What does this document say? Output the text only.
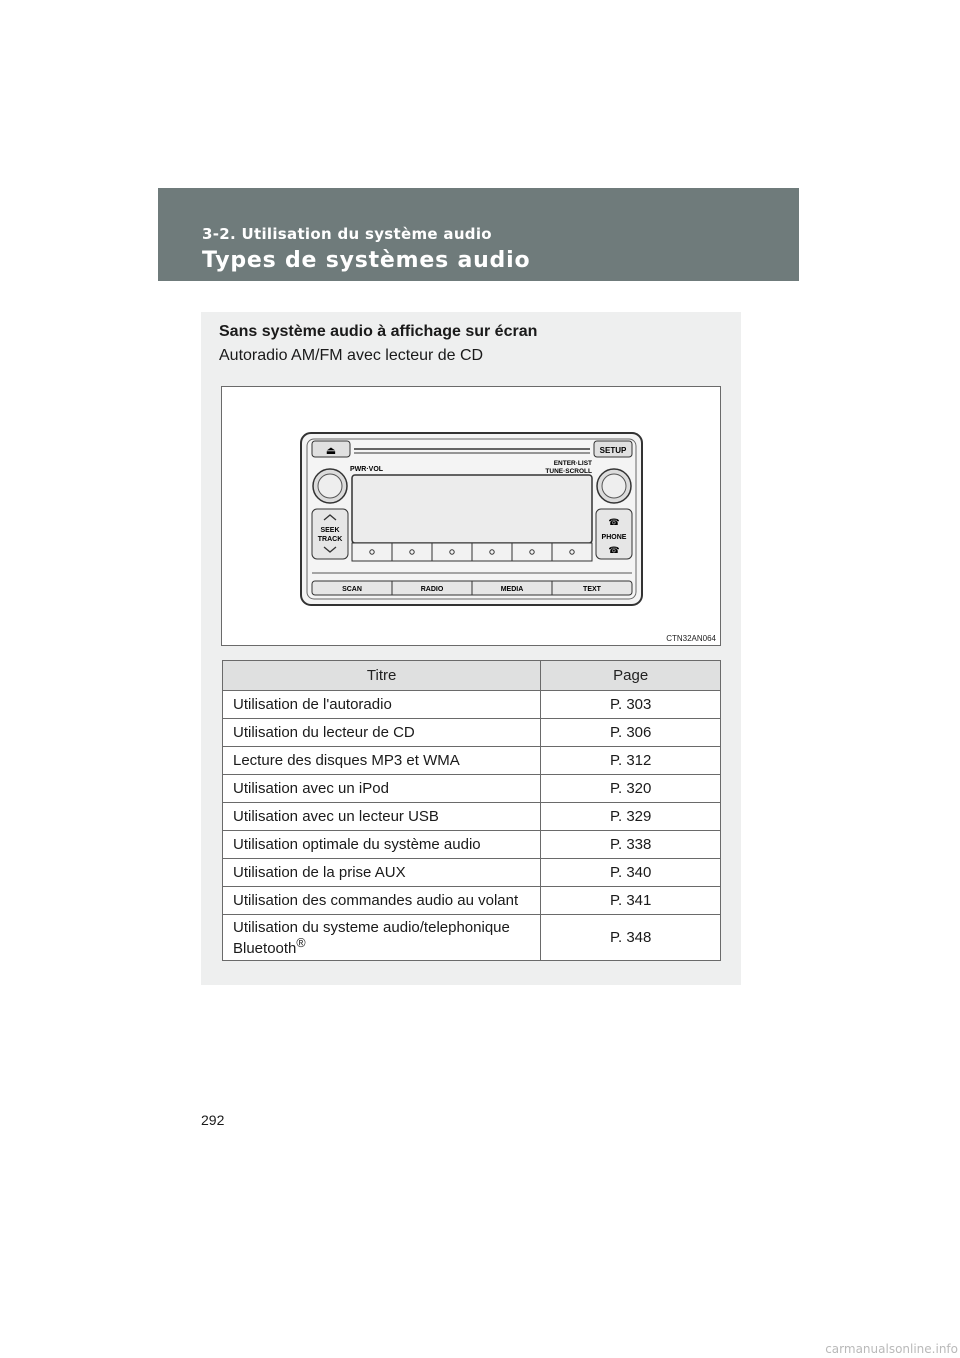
3-2. Utilisation du système audio
Types de systèmes audio
Sans système audio à affichage sur écran
Autoradio AM/FM avec lecteur de CD
⏏	SETUP
PWR·VOL
ENTER·LIST
TUNE·SCROLL
SEEK
TRACK
☎
PHONE
☎
SCAN	RADIO	MEDIA	TEXT
CTN32AN064
Titre	Page
Utilisation de l'autoradio	P. 303
Utilisation du lecteur de CD	P. 306
Lecture des disques MP3 et WMA	P. 312
Utilisation avec un iPod	P. 320
Utilisation avec un lecteur USB	P. 329
Utilisation optimale du système audio	P. 338
Utilisation de la prise AUX	P. 340
Utilisation des commandes audio au volant	P. 341
Utilisation du systeme audio/telephonique
Bluetooth®	P. 348
292
carmanualsonline.info
